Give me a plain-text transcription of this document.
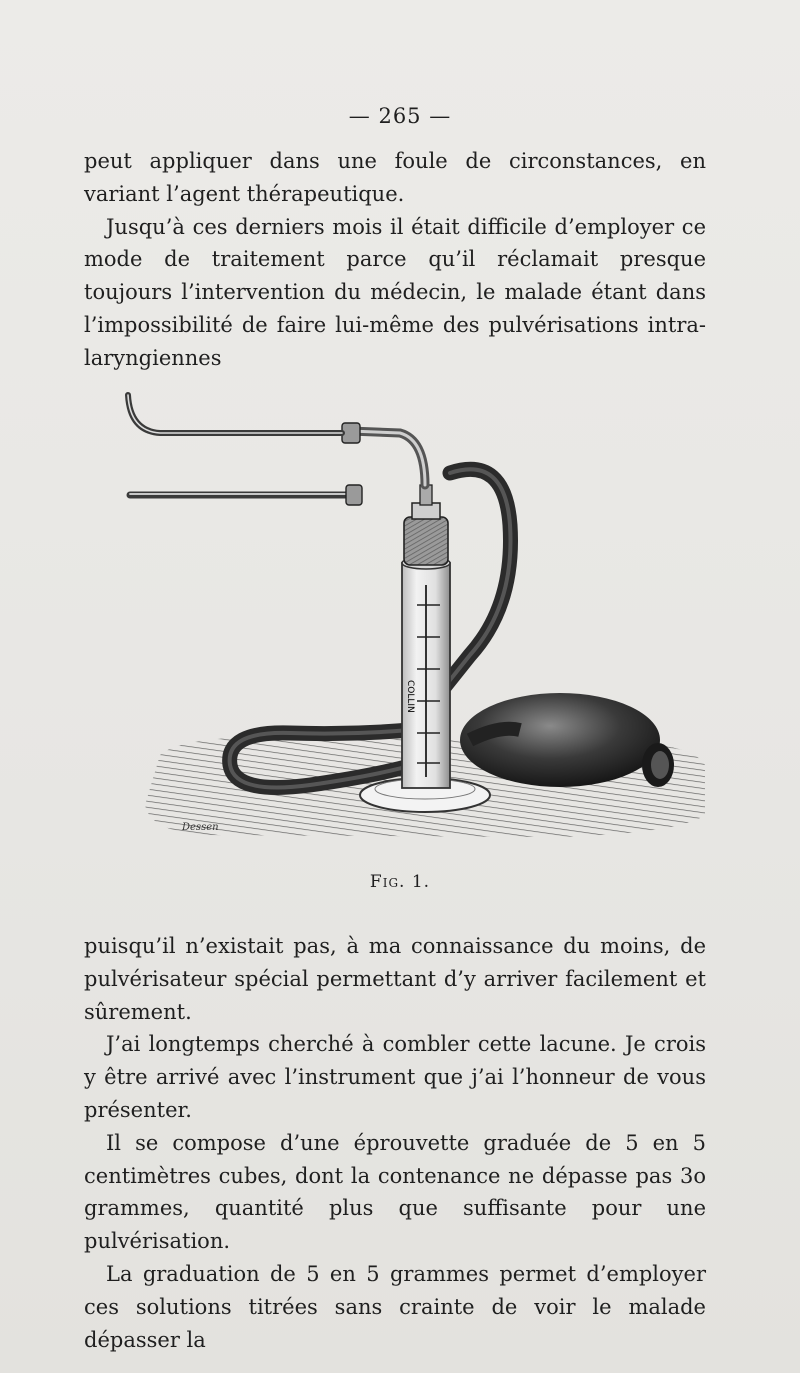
— 265 —

peut appliquer dans une foule de circonstances, en variant l’agent thérapeutique.

Jusqu’à ces derniers mois il était difficile d’employer ce mode de traitement parce qu’il réclamait presque toujours l’intervention du médecin, le malade étant dans l’impossibilité de faire lui-même des pulvérisations intra-laryngiennes

COLLIN
Dessen
Fig. 1.

puisqu’il n’existait pas, à ma connaissance du moins, de pulvérisateur spécial permettant d’y arriver facilement et sûrement.

J’ai longtemps cherché à combler cette lacune. Je crois y être arrivé avec l’instrument que j’ai l’honneur de vous présenter.

Il se compose d’une éprouvette graduée de 5 en 5 centimètres cubes, dont la contenance ne dépasse pas 3o grammes, quantité plus que suffisante pour une pulvérisation.

La graduation de 5 en 5 grammes permet d’employer ces solutions titrées sans crainte de voir le malade dépasser la
